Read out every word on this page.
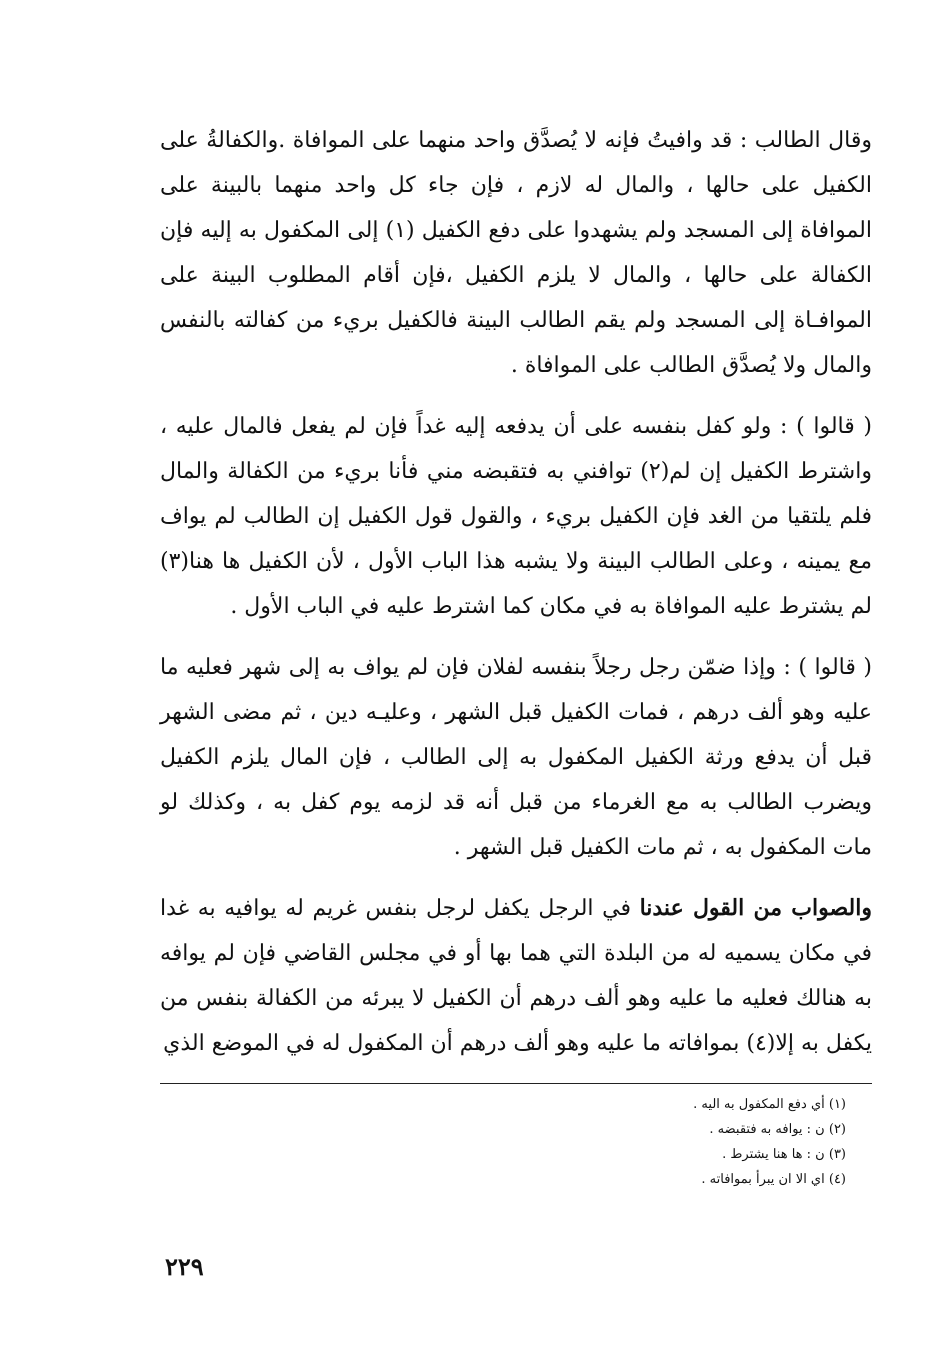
وقال الطالب : قد وافيتُ فإنه لا يُصدَّق واحد منهما على الموافاة .والكفالةُ على الكفيل على حالها ، والمال له لازم ، فإن جاء كل واحد منهما بالبينة على الموافاة إلى المسجد ولم يشهدوا على دفع الكفيل (١) إلى المكفول به إليه فإن الكفالة على حالها ، والمال لا يلزم الكفيل ،فإن أقام المطلوب البينة على الموافـاة إلى المسجد ولم يقم الطالب البينة فالكفيل بريء من كفالته بالنفس والمال ولا يُصدَّق الطالب على الموافاة .

( قالوا ) : ولو كفل بنفسه على أن يدفعه إليه غداً فإن لم يفعل فالمال عليه ، واشترط الكفيل إن لم(٢) توافني به فتقبضه مني فأنا بريء من الكفالة والمال فلم يلتقيا من الغد فإن الكفيل بريء ، والقول قول الكفيل إن الطالب لم يواف مع يمينه ، وعلى الطالب البينة ولا يشبه هذا الباب الأول ، لأن الكفيل ها هنا(٣) لم يشترط عليه الموافاة به في مكان كما اشترط عليه في الباب الأول .

( قالوا ) : وإذا ضمّن رجل رجلاً بنفسه لفلان فإن لم يواف به إلى شهر فعليه ما عليه وهو ألف درهم ، فمات الكفيل قبل الشهر ، وعليـه دين ، ثم مضى الشهر قبل أن يدفع ورثة الكفيل المكفول به إلى الطالب ، فإن المال يلزم الكفيل ويضرب الطالب به مع الغرماء من قبل أنه قد لزمه يوم كفل به ، وكذلك لو مات المكفول به ، ثم مات الكفيل قبل الشهر .

والصواب من القول عندنا في الرجل يكفل لرجل بنفس غريم له يوافيه به غدا في مكان يسميه له من البلدة التي هما بها أو في مجلس القاضي فإن لم يوافه به هنالك فعليه ما عليه وهو ألف درهم أن الكفيل لا يبرئه من الكفالة بنفس من يكفل به إلا(٤) بموافاته ما عليه وهو ألف درهم أن المكفول له في الموضع الذي

(١) أي دفع المكفول به اليه .
(٢) ن : يوافه به فتقبضه .
(٣) ن : ها هنا يشترط .
(٤) اي الا ان يبرأ بموافاته .
٢٢٩
